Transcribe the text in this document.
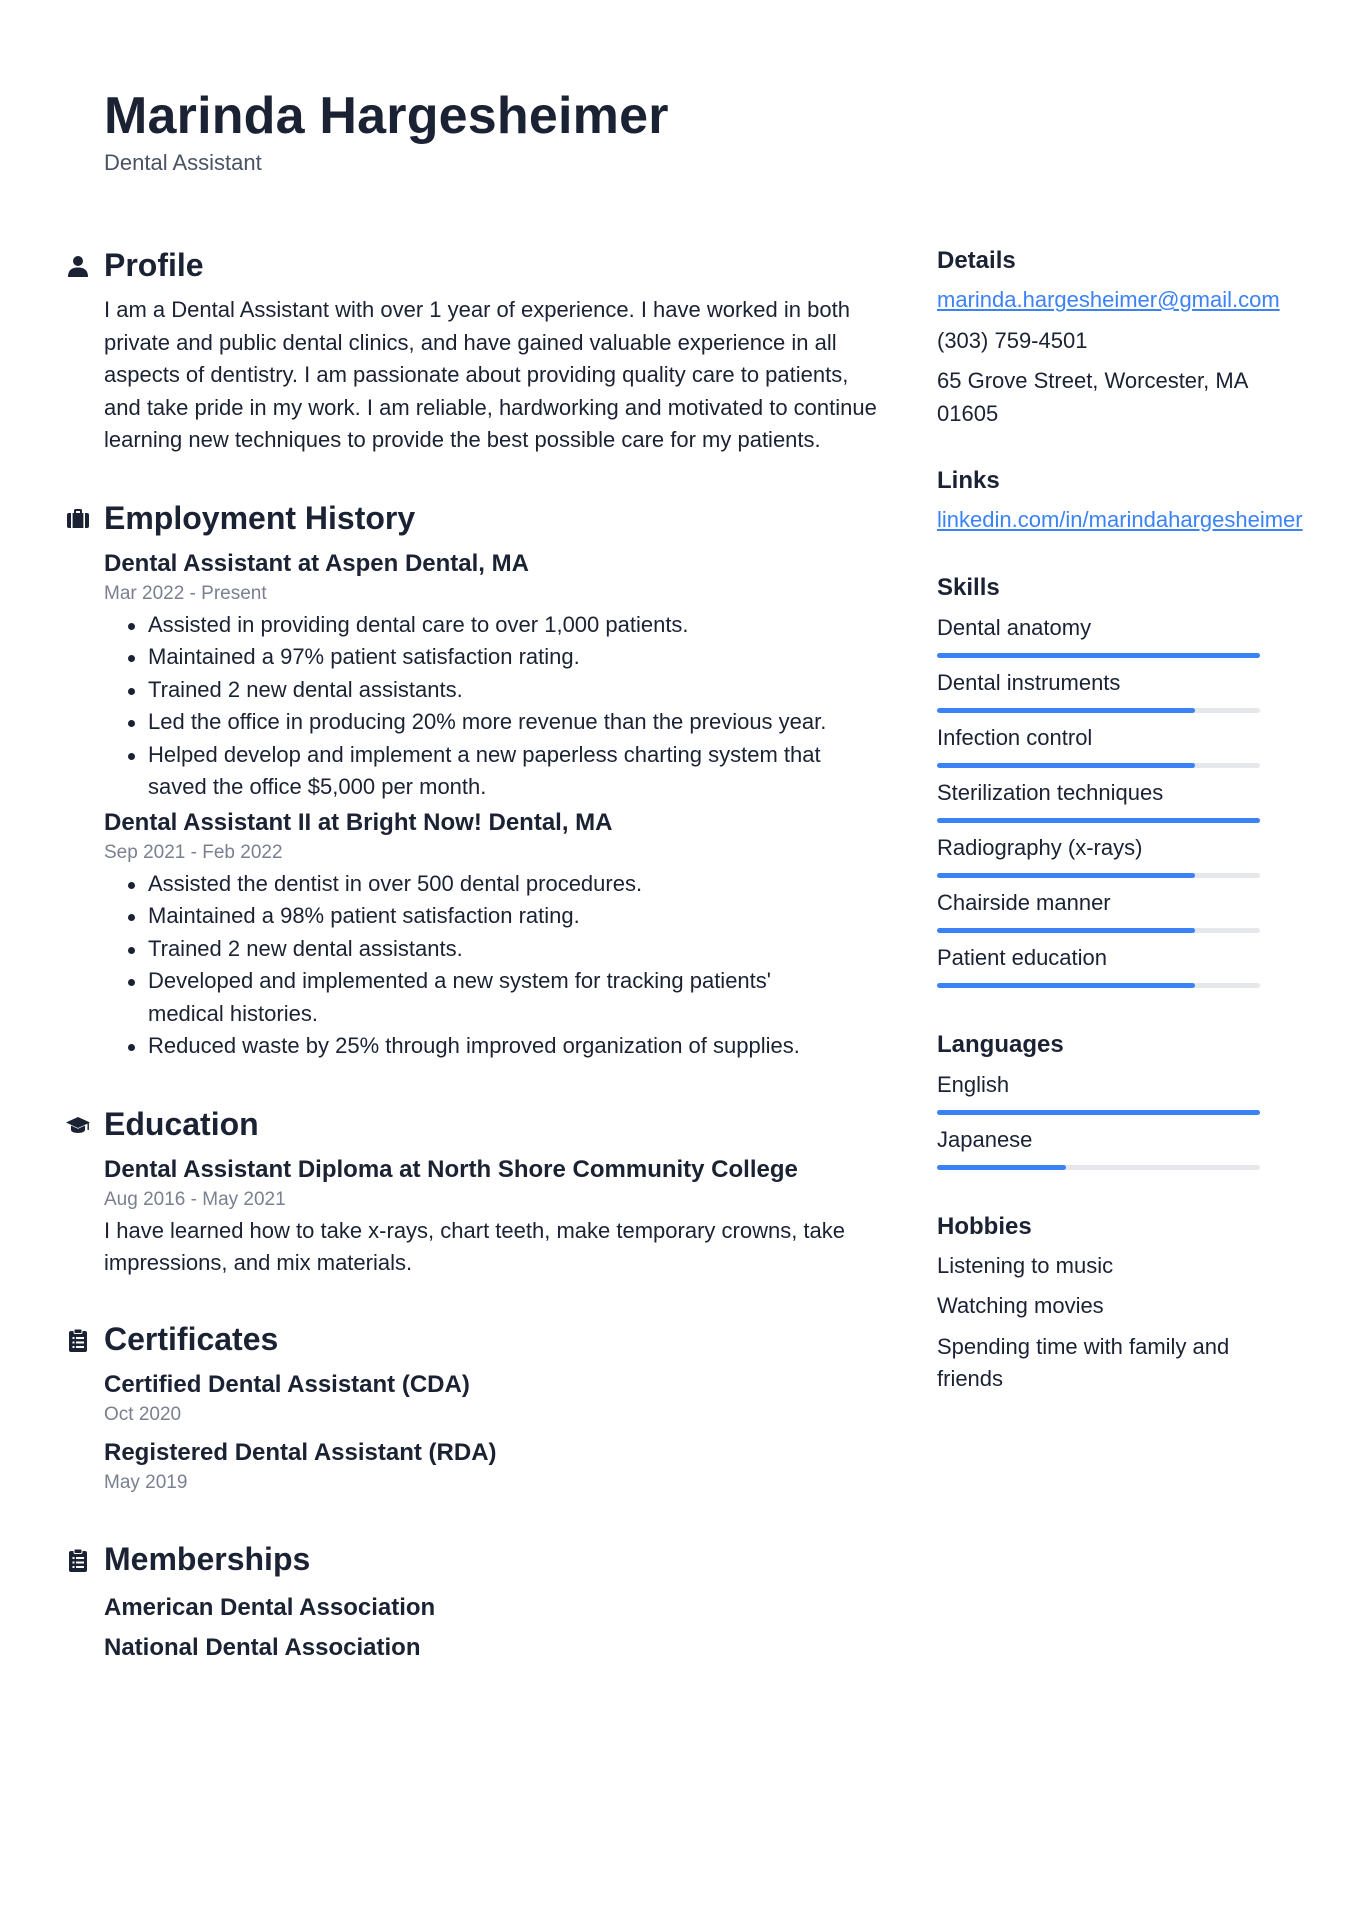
Marinda Hargesheimer
Dental Assistant
Profile
I am a Dental Assistant with over 1 year of experience. I have worked in both private and public dental clinics, and have gained valuable experience in all aspects of dentistry. I am passionate about providing quality care to patients, and take pride in my work. I am reliable, hardworking and motivated to continue learning new techniques to provide the best possible care for my patients.
Employment History
Dental Assistant at Aspen Dental, MA
Mar 2022 - Present
Assisted in providing dental care to over 1,000 patients.
Maintained a 97% patient satisfaction rating.
Trained 2 new dental assistants.
Led the office in producing 20% more revenue than the previous year.
Helped develop and implement a new paperless charting system that saved the office $5,000 per month.
Dental Assistant II at Bright Now! Dental, MA
Sep 2021 - Feb 2022
Assisted the dentist in over 500 dental procedures.
Maintained a 98% patient satisfaction rating.
Trained 2 new dental assistants.
Developed and implemented a new system for tracking patients' medical histories.
Reduced waste by 25% through improved organization of supplies.
Education
Dental Assistant Diploma at North Shore Community College
Aug 2016 - May 2021
I have learned how to take x-rays, chart teeth, make temporary crowns, take impressions, and mix materials.
Certificates
Certified Dental Assistant (CDA)
Oct 2020
Registered Dental Assistant (RDA)
May 2019
Memberships
American Dental Association
National Dental Association
Details
marinda.hargesheimer@gmail.com
(303) 759-4501
65 Grove Street, Worcester, MA 01605
Links
linkedin.com/in/marindahargesheimer
Skills
Dental anatomy
Dental instruments
Infection control
Sterilization techniques
Radiography (x-rays)
Chairside manner
Patient education
Languages
English
Japanese
Hobbies
Listening to music
Watching movies
Spending time with family and friends
